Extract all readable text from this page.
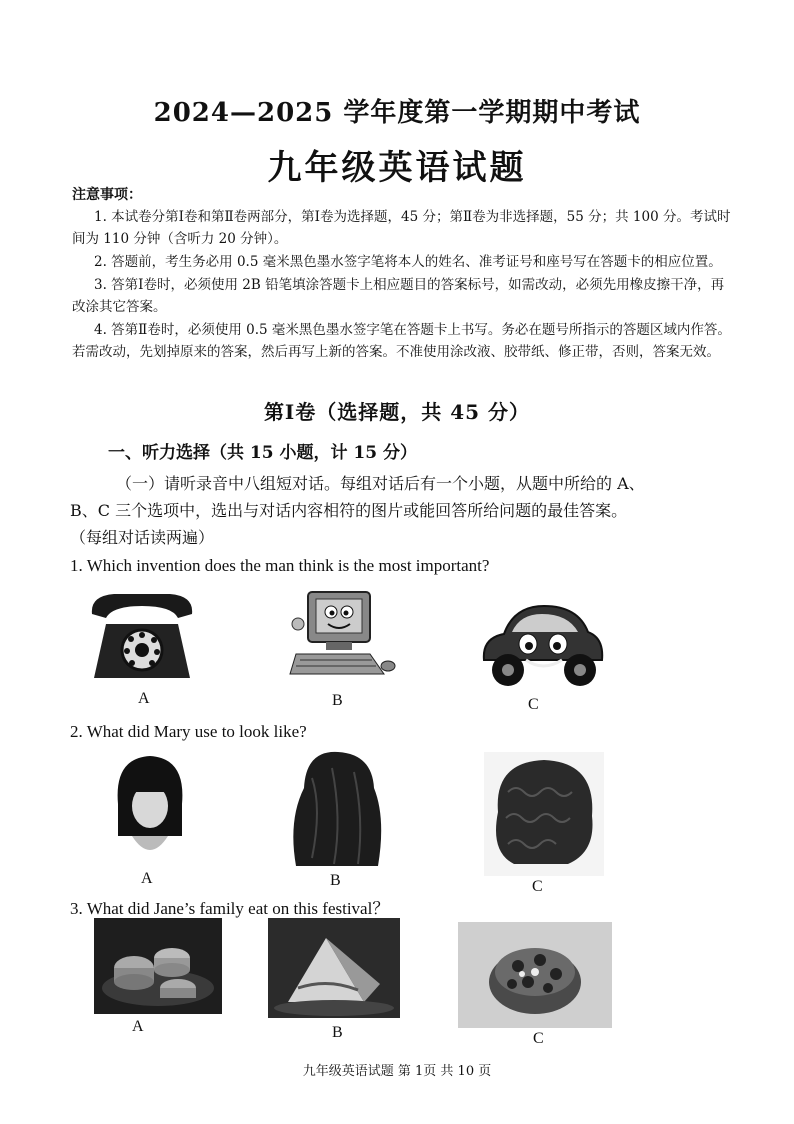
2024—2025 学年度第一学期期中考试
九年级英语试题
注意事项：

1. 本试卷分第Ⅰ卷和第Ⅱ卷两部分，第Ⅰ卷为选择题，45 分；第Ⅱ卷为非选择题，55 分；共 100 分。考试时间为 110 分钟（含听力 20 分钟）。

2. 答题前，考生务必用 0.5 毫米黑色墨水签字笔将本人的姓名、准考证号和座号写在答题卡的相应位置。

3. 答第Ⅰ卷时，必须使用 2B 铅笔填涂答题卡上相应题目的答案标号，如需改动，必须先用橡皮擦干净，再改涂其它答案。

4. 答第Ⅱ卷时，必须使用 0.5 毫米黑色墨水签字笔在答题卡上书写。务必在题号所指示的答题区域内作答。若需改动，先划掉原来的答案，然后再写上新的答案。不准使用涂改液、胶带纸、修正带，否则，答案无效。

第Ⅰ卷（选择题，共 45 分）
一、听力选择（共 15 小题，计 15 分）

（一）请听录音中八组短对话。每组对话后有一个小题，从题中所给的 A、

B、C 三个选项中，选出与对话内容相符的图片或能回答所给问题的最佳答案。

（每组对话读两遍）

1. Which invention does the man think is the most important?
A	B	C
2. What did Mary use to look like?
A	B	C
3. What did Jane’s family eat on this festival？
A	B	C
九年级英语试题 第 1页 共 10 页
